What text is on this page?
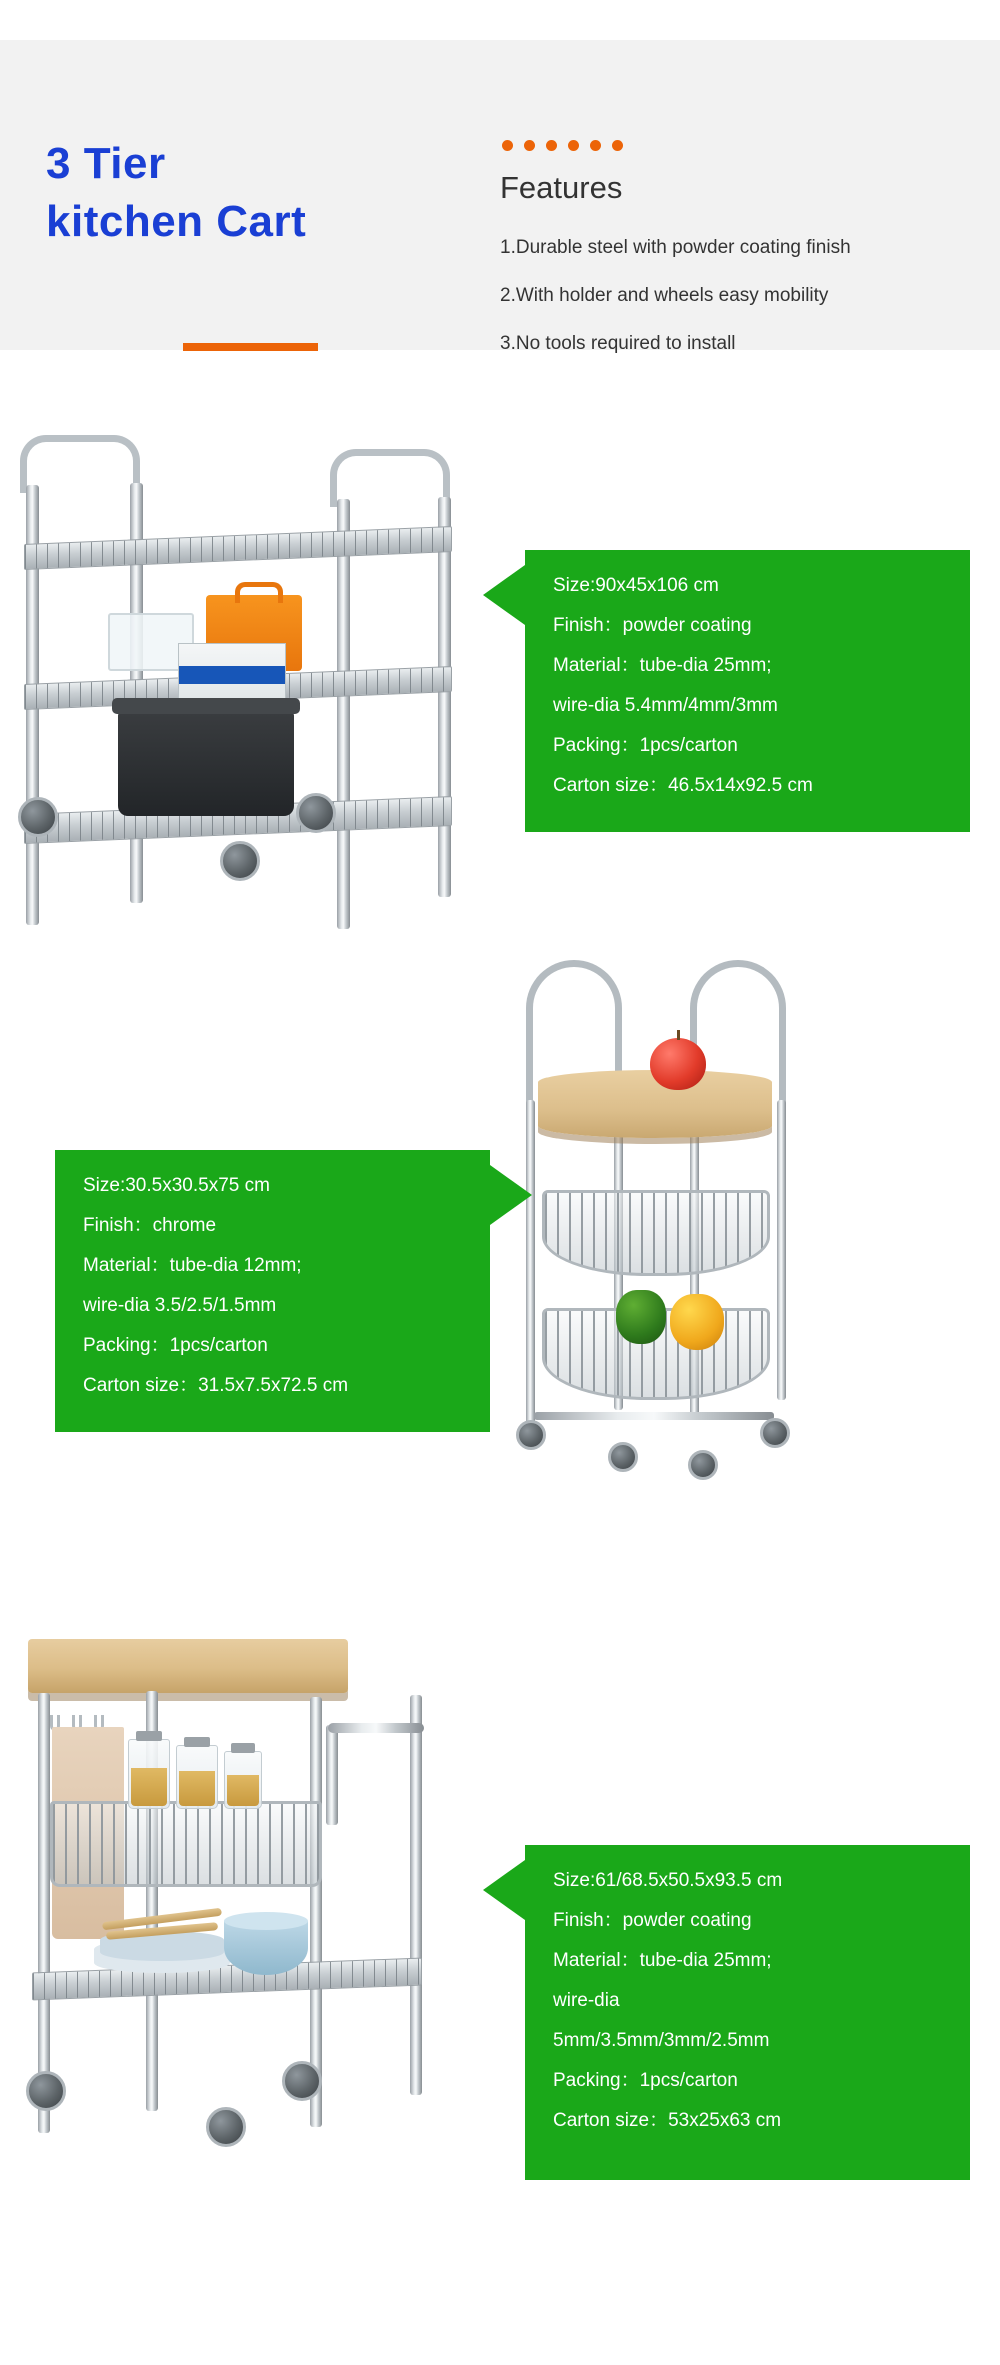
3 Tier kitchen Cart
Features
1.Durable steel with powder coating finish
2.With holder and wheels easy mobility
3.No tools required to install
Size:90x45x106 cm
Finish：powder coating
Material：tube-dia 25mm;
wire-dia 5.4mm/4mm/3mm
Packing：1pcs/carton
Carton size：46.5x14x92.5 cm
Size:30.5x30.5x75 cm
Finish：chrome
Material：tube-dia 12mm;
wire-dia 3.5/2.5/1.5mm
Packing：1pcs/carton
Carton size：31.5x7.5x72.5 cm
Size:61/68.5x50.5x93.5 cm
Finish：powder coating
Material：tube-dia 25mm;
wire-dia
5mm/3.5mm/3mm/2.5mm
Packing：1pcs/carton
Carton size：53x25x63 cm
